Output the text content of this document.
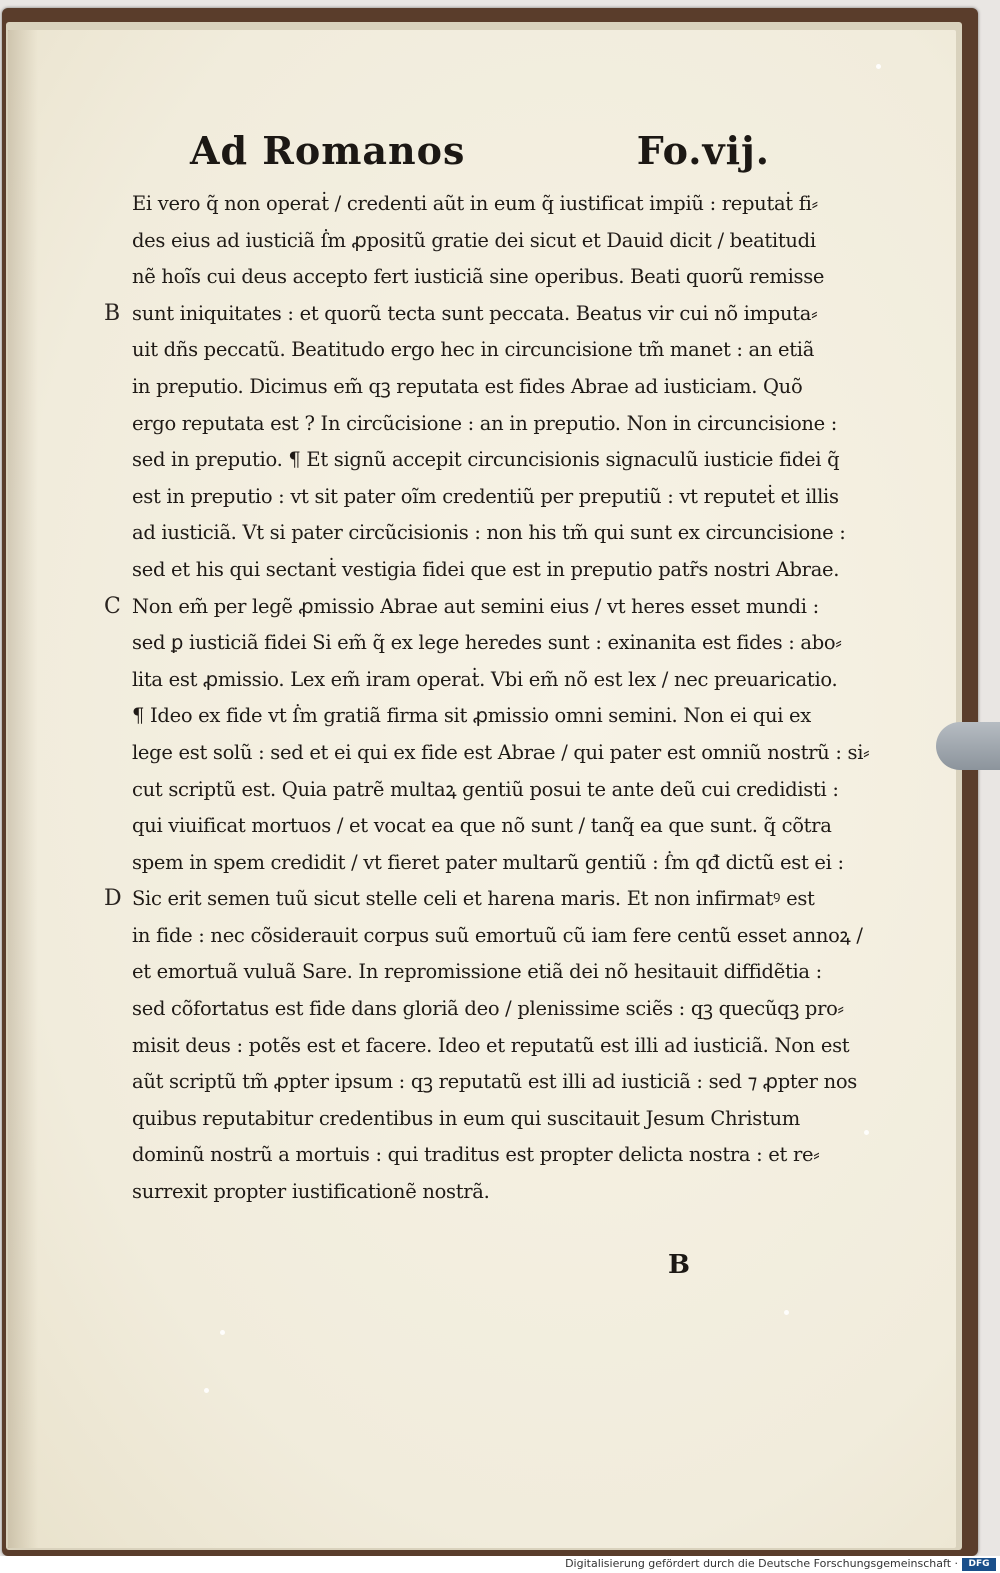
Ad Romanos	Fo.vij.
Ei vero q̃ non operaṫ / credenti aũt in eum q̃ iustificat impiũ : reputaṫ fi⸗
des eius ad iusticiã ẛm ꝓpositũ gratie dei sicut et Dauid dicit / beatitudi
nẽ hoĩs cui deus accepto fert iusticiã sine operibus. Beati quorũ remisse
B sunt iniquitates : et quorũ tecta sunt peccata. Beatus vir cui nõ imputa⸗
uit dñs peccatũ. Beatitudo ergo hec in circuncisione tm̃ manet : an etiã
in preputio. Dicimus em̃ qꝫ reputata est fides Abrae ad iusticiam. Quõ
ergo reputata est ? In circũcisione : an in preputio. Non in circuncisione :
sed in preputio. ¶ Et signũ accepit circuncisionis signaculũ iusticie fidei q̃
est in preputio : vt sit pater oĩm credentiũ per preputiũ : vt reputeṫ et illis
ad iusticiã. Vt si pater circũcisionis : non his tm̃ qui sunt ex circuncisione :
sed et his qui sectanṫ vestigia fidei que est in preputio patr̃s nostri Abrae.
C Non em̃ per legẽ ꝓmissio Abrae aut semini eius / vt heres esset mundi :
sed ꝑ iusticiã fidei Si em̃ q̃ ex lege heredes sunt : exinanita est fides : abo⸗
lita est ꝓmissio. Lex em̃ iram operaṫ. Vbi em̃ nõ est lex / nec preuaricatio.
¶ Ideo ex fide vt ẛm gratiã firma sit ꝓmissio omni semini. Non ei qui ex
lege est solũ : sed et ei qui ex fide est Abrae / qui pater est omniũ nostrũ : si⸗
cut scriptũ est. Quia patrẽ multaꝝ gentiũ posui te ante deũ cui credidisti :
qui viuificat mortuos / et vocat ea que nõ sunt / tanq̃ ea que sunt. q̃ cõtra
spem in spem credidit / vt fieret pater multarũ gentiũ : ẛm qđ dictũ est ei :
D Sic erit semen tuũ sicut stelle celi et harena maris. Et non infirmatꝰ est
in fide : nec cõsiderauit corpus suũ emortuũ cũ iam fere centũ esset annoꝝ /
et emortuã vuluã Sare. In repromissione etiã dei nõ hesitauit diffidẽtia :
sed cõfortatus est fide dans gloriã deo / plenissime sciẽs : qꝫ quecũqꝫ pro⸗
misit deus : potẽs est et facere. Ideo et reputatũ est illi ad iusticiã. Non est
aũt scriptũ tm̃ ꝓpter ipsum : qꝫ reputatũ est illi ad iusticiã : sed ⁊ ꝓpter nos
quibus reputabitur credentibus in eum qui suscitauit Jesum Christum
dominũ nostrũ a mortuis : qui traditus est propter delicta nostra : et re⸗
surrexit propter iustificationẽ nostrã.
B
Digitalisierung gefördert durch die Deutsche Forschungsgemeinschaft ·	DFG
